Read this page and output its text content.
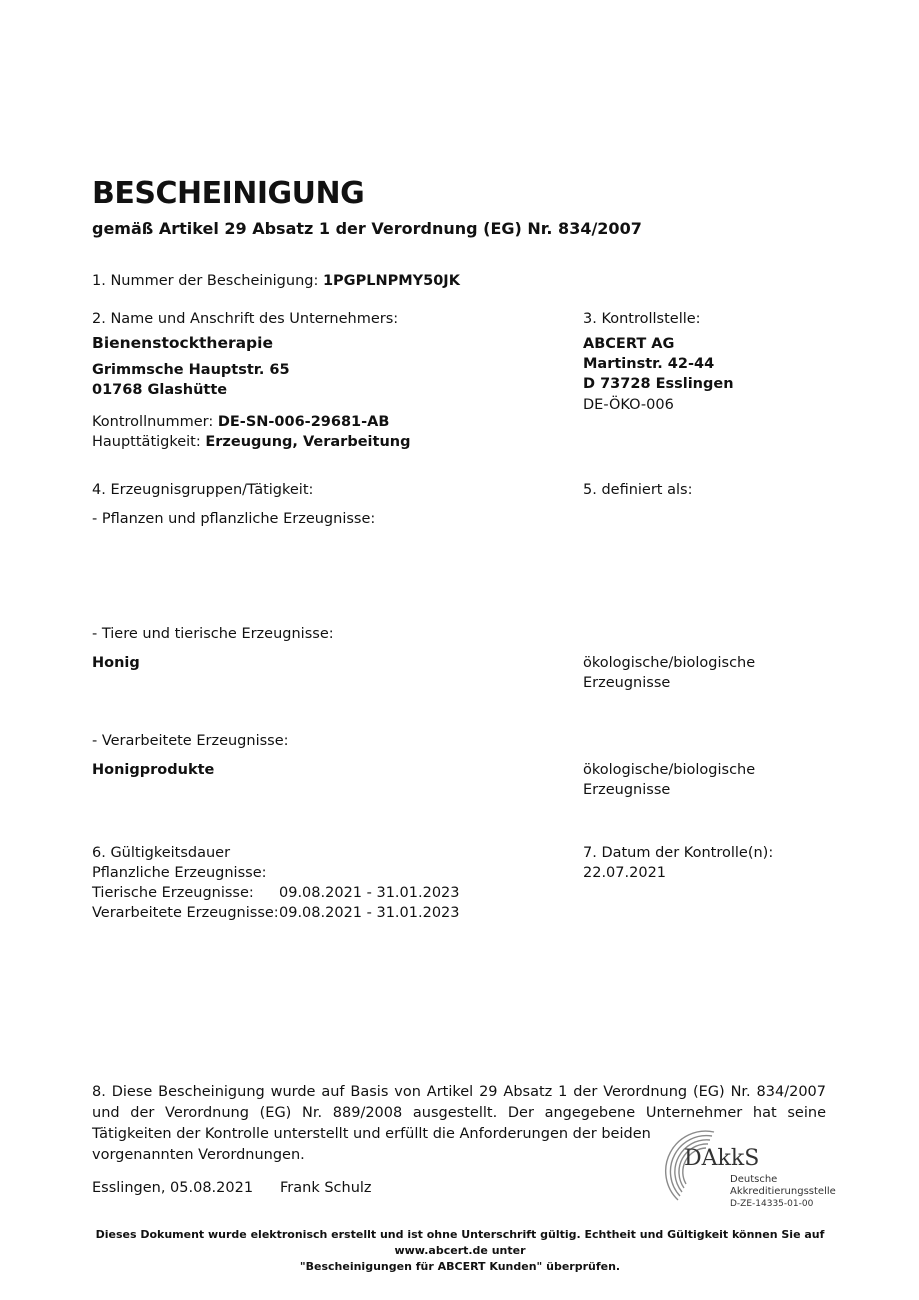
BESCHEINIGUNG
gemäß Artikel 29 Absatz 1 der Verordnung (EG) Nr. 834/2007
1. Nummer der Bescheinigung: 1PGPLNPMY50JK
2. Name und Anschrift des Unternehmers:
Bienenstocktherapie
Grimmsche Hauptstr. 65
01768 Glashütte
Kontrollnummer: DE-SN-006-29681-AB
Haupttätigkeit: Erzeugung, Verarbeitung
3. Kontrollstelle:
ABCERT AG
Martinstr. 42-44
D 73728 Esslingen
DE-ÖKO-006
4. Erzeugnisgruppen/Tätigkeit:	5. definiert als:
- Pflanzen und pflanzliche Erzeugnisse:
- Tiere und tierische Erzeugnisse:
Honig	ökologische/biologische
Erzeugnisse
- Verarbeitete Erzeugnisse:
Honigprodukte	ökologische/biologische
Erzeugnisse
6. Gültigkeitsdauer
Pflanzliche Erzeugnisse:
Tierische Erzeugnisse: 09.08.2021 - 31.01.2023
Verarbeitete Erzeugnisse: 09.08.2021 - 31.01.2023
7. Datum der Kontrolle(n):
22.07.2021
8. Diese Bescheinigung wurde auf Basis von Artikel 29 Absatz 1 der Verordnung (EG) Nr. 834/2007 und der Verordnung (EG) Nr. 889/2008 ausgestellt. Der angegebene Unternehmer hat seine
Tätigkeiten der Kontrolle unterstellt und erfüllt die Anforderungen der beiden
vorgenannten Verordnungen.
Esslingen, 05.08.2021 Frank Schulz
DAkkS
Deutsche
Akkreditierungsstelle
D-ZE-14335-01-00
Dieses Dokument wurde elektronisch erstellt und ist ohne Unterschrift gültig. Echtheit und Gültigkeit können Sie auf www.abcert.de unter
"Bescheinigungen für ABCERT Kunden" überprüfen.
